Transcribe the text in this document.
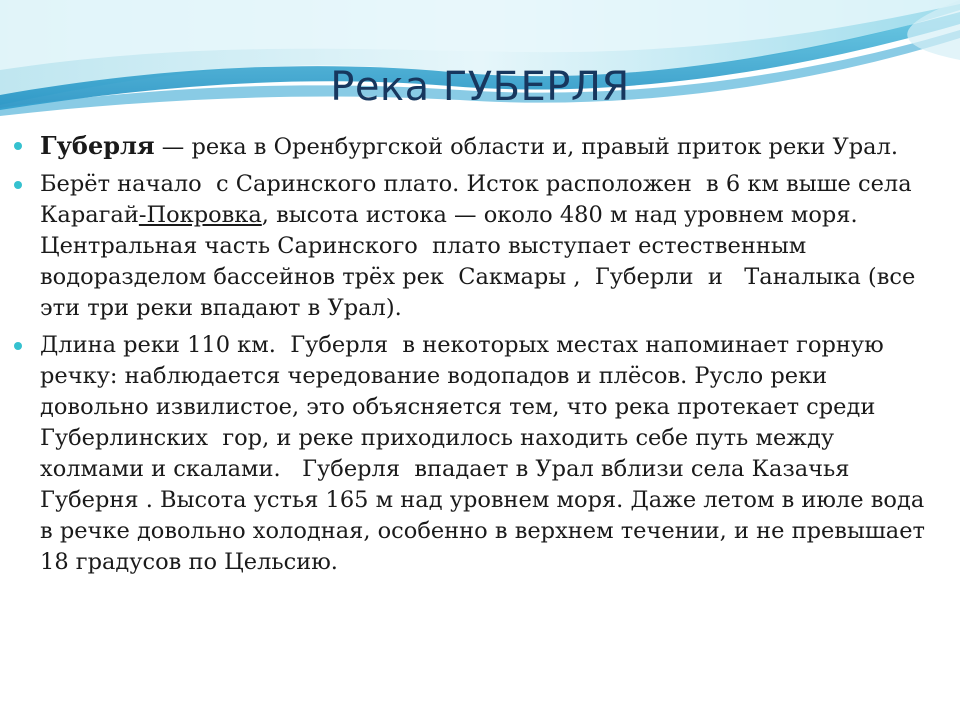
Река ГУБЕРЛЯ

Губерля — река в Оренбургской области и, правый приток реки Урал.

Берёт начало  с Саринского плато. Исток расположен  в 6 км выше села Карагай-Покровка, высота истока — около 480 м над уровнем моря. Центральная часть Саринского  плато выступает естественным водоразделом бассейнов трёх рек  Сакмары ,  Губерли  и   Таналыка (все эти три реки впадают в Урал).

Длина реки 110 км.  Губерля  в некоторых местах напоминает горную речку: наблюдается чередование водопадов и плёсов. Русло реки довольно извилистое, это объясняется тем, что река протекает среди  Губерлинских  гор, и реке приходилось находить себе путь между холмами и скалами.   Губерля  впадает в Урал вблизи села Казачья Губерня . Высота устья 165 м над уровнем моря. Даже летом в июле вода в речке довольно холодная, особенно в верхнем течении, и не превышает 18 градусов по Цельсию.
